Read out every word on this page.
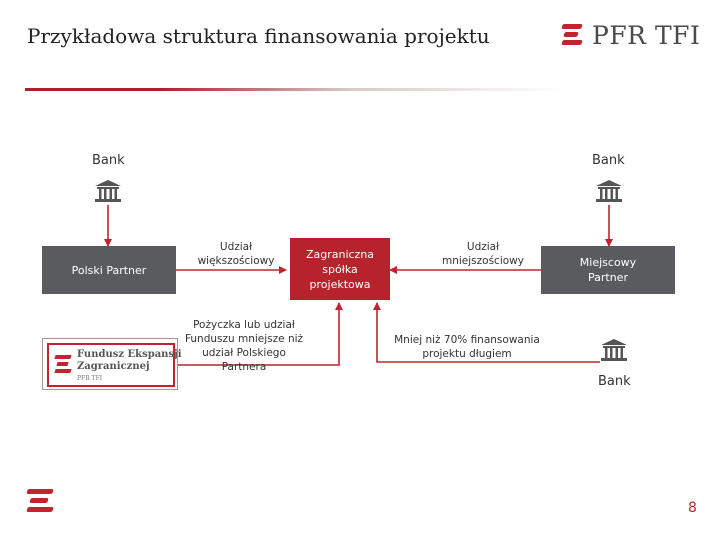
Przykładowa struktura finansowania projektu	PFR TFI
Bank	Bank
Bank
Polski Partner
Zagraniczna spółka projektowa
Miejscowy Partner
Udział większościowy
Udział mniejszościowy
Pożyczka lub udział Funduszu mniejsze niż udział Polskiego Partnera
Mniej niż 70% finansowania projektu długiem
Fundusz Ekspansji
Zagranicznej
PFR TFI
8
